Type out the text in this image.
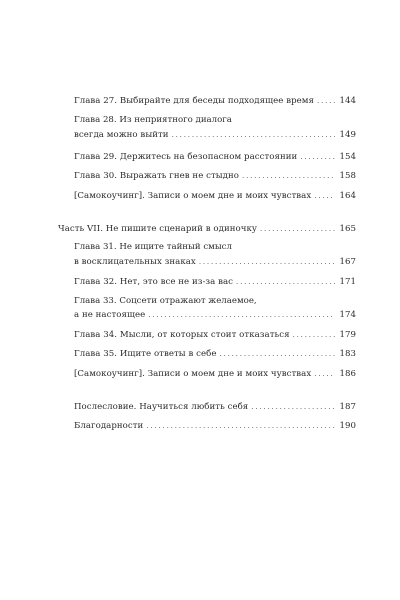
Глава 27. Выбирайте для беседы подходящее время . . .	144
Глава 28. Из неприятного диалога
всегда можно выйти . . .	149
Глава 29. Держитесь на безопасном расстоянии . . .	154
Глава 30. Выражать гнев не стыдно . . .	158
[Самокоучинг]. Записи о моем дне и моих чувствах . . .	164
Часть VII. Не пишите сценарий в одиночку . . .	165
Глава 31. Не ищите тайный смысл
в восклицательных знаках . . .	167
Глава 32. Нет, это все не из-за вас . . .	171
Глава 33. Соцсети отражают желаемое,
а не настоящее . . .	174
Глава 34. Мысли, от которых стоит отказаться . . .	179
Глава 35. Ищите ответы в себе . . .	183
[Самокоучинг]. Записи о моем дне и моих чувствах . . .	186
Послесловие. Научиться любить себя . . .	187
Благодарности . . .	190
